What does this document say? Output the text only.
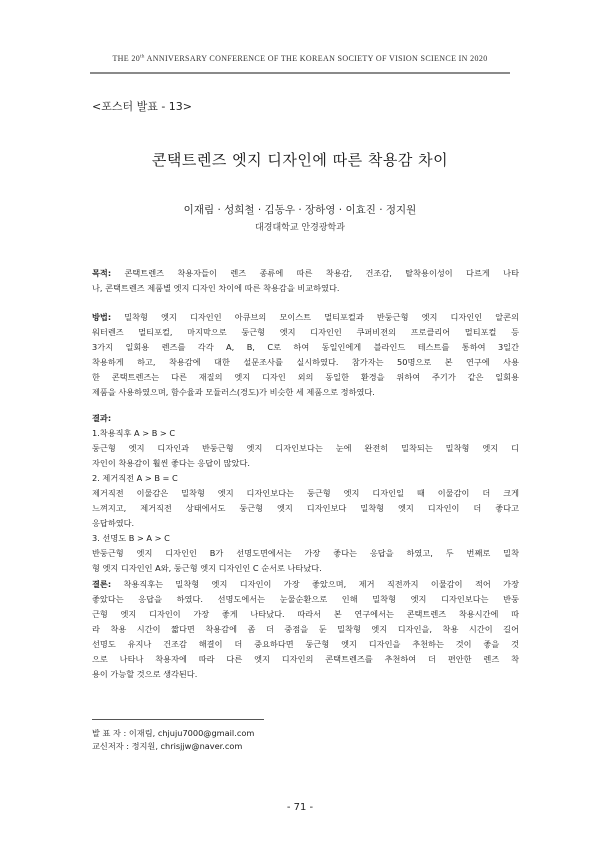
THE 20th ANNIVERSARY CONFERENCE OF THE KOREAN SOCIETY OF VISION SCIENCE IN 2020
<포스터 발표 - 13>
콘택트렌즈 엣지 디자인에 따른 착용감 차이
이재림 · 성희철 · 김동우 · 장하영 · 이효진 · 정지원
대경대학교 안경광학과
목적: 콘택트렌즈 착용자들이 렌즈 종류에 따른 착용감, 건조감, 탈착용이성이 다르게 나타
나, 콘택트렌즈 제품별 엣지 디자인 차이에 따른 착용감을 비교하였다.
방법: 밀착형 엣지 디자인인 아큐브의 모이스트 멀티포컬과 반둥근형 엣지 디자인인 알콘의
워터렌즈 멀티포컬, 마지막으로 둥근형 엣지 디자인인 쿠퍼비젼의 프로클리어 멀티포컬 등
3가지 일회용 렌즈를 각각 A, B, C로 하여 동일인에게 블라인드 테스트를 통하여 3일간
착용하게 하고, 착용감에 대한 설문조사를 실시하였다. 참가자는 50명으로 본 연구에 사용
한 콘택트렌즈는 다른 재질의 엣지 디자인 외의 동일한 환경을 위하여 주기가 같은 일회용
제품을 사용하였으며, 함수율과 모듈러스(경도)가 비슷한 세 제품으로 정하였다.
결과:
1.착용직후 A > B > C
둥근형 엣지 디자인과 반둥근형 엣지 디자인보다는 눈에 완전히 밀착되는 밀착형 엣지 디
자인이 착용감이 훨씬 좋다는 응답이 많았다.
2. 제거직전 A > B = C
제거직전 이물감은 밀착형 엣지 디자인보다는 둥근형 엣지 디자인일 때 이물감이 더 크게
느껴지고, 제거직전 상태에서도 둥근형 엣지 디자인보다 밀착형 엣지 디자인이 더 좋다고
응답하였다.
3. 선명도 B > A > C
반둥근형 엣지 디자인인 B가 선명도면에서는 가장 좋다는 응답을 하였고, 두 번째로 밀착
형 엣지 디자인인 A와, 둥근형 엣지 디자인인 C 순서로 나타났다.
결론: 착용직후는 밀착형 엣지 디자인이 가장 좋았으며, 제거 직전까지 이물감이 적어 가장
좋았다는 응답을 하였다. 선명도에서는 눈물순환으로 인해 밀착형 엣지 디자인보다는 반둥
근형 엣지 디자인이 가장 좋게 나타났다. 따라서 본 연구에서는 콘택트렌즈 착용시간에 따
라 착용 시간이 짧다면 착용감에 좀 더 중점을 둔 밀착형 엣지 디자인을, 착용 시간이 길어
선명도 유지나 건조감 해결이 더 중요하다면 둥근형 엣지 디자인을 추천하는 것이 좋을 것
으로 나타나 착용자에 따라 다른 엣지 디자인의 콘택트렌즈를 추천하여 더 편안한 렌즈 착
용이 가능할 것으로 생각된다.
발 표 자 : 이재림, chjuju7000@gmail.com
교신저자 : 정지원, chrisjjw@naver.com
- 71 -
